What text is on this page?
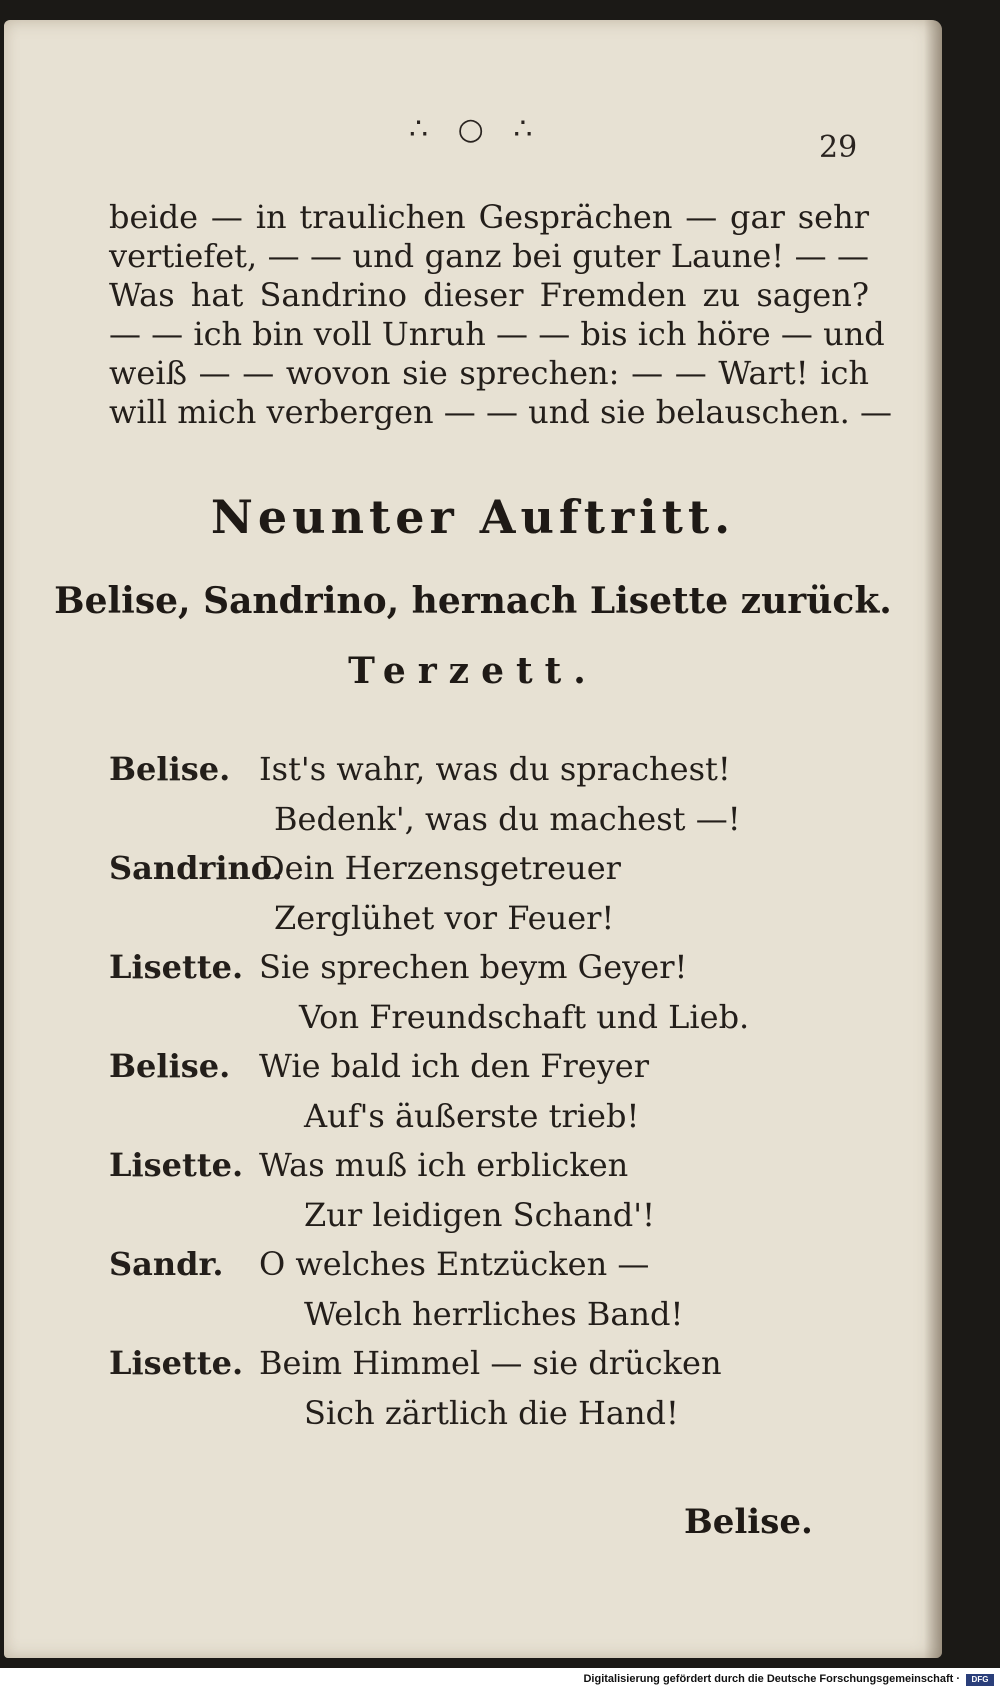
∴ ○ ∴
29
beide — in traulichen Gesprächen — gar sehr
vertiefet, — — und ganz bei guter Laune! — —
Was hat Sandrino dieser Fremden zu sagen?
— — ich bin voll Unruh — — bis ich höre — und
weiß — — wovon sie sprechen: — — Wart! ich
will mich verbergen — — und sie belauschen. —
Neunter Auftritt.
Belise, Sandrino, hernach Lisette zurück.
Terzett.
Belise. Ist's wahr, was du sprachest!
Bedenk', was du machest —!
Sandrino.
Dein Herzensgetreuer
Zerglühet vor Feuer!
Lisette. Sie sprechen beym Geyer!
Von Freundschaft und Lieb.
Belise. Wie bald ich den Freyer
Auf's äußerste trieb!
Lisette. Was muß ich erblicken
Zur leidigen Schand'!
Sandr. O welches Entzücken —
Welch herrliches Band!
Lisette. Beim Himmel — sie drücken
Sich zärtlich die Hand!
Belise.
Digitalisierung gefördert durch die Deutsche Forschungsgemeinschaft ·	DFG
